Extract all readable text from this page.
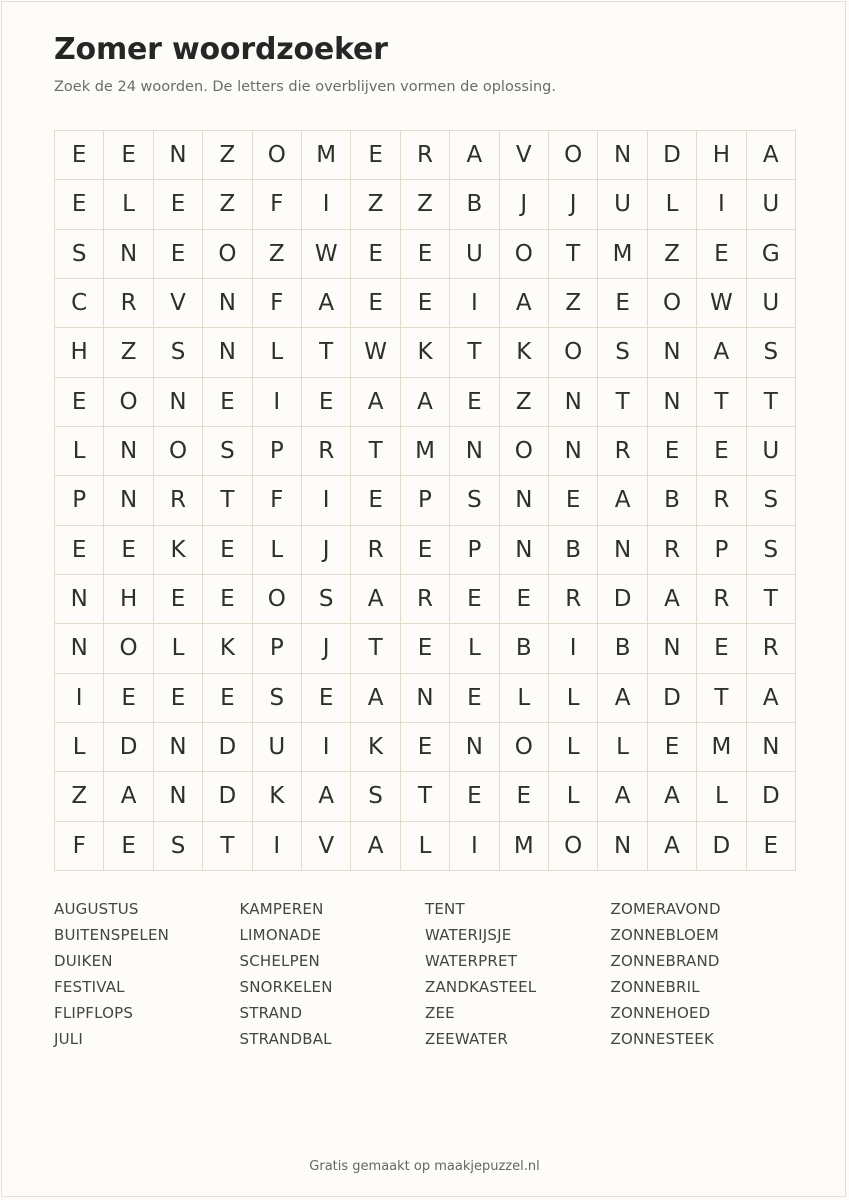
Zomer woordzoeker

Zoek de 24 woorden. De letters die overblijven vormen de oplossing.

E	E	N	Z	O	M	E	R	A	V	O	N	D	H	A
E	L	E	Z	F	I	Z	Z	B	J	J	U	L	I	U
S	N	E	O	Z	W	E	E	U	O	T	M	Z	E	G
C	R	V	N	F	A	E	E	I	A	Z	E	O	W	U
H	Z	S	N	L	T	W	K	T	K	O	S	N	A	S
E	O	N	E	I	E	A	A	E	Z	N	T	N	T	T
L	N	O	S	P	R	T	M	N	O	N	R	E	E	U
P	N	R	T	F	I	E	P	S	N	E	A	B	R	S
E	E	K	E	L	J	R	E	P	N	B	N	R	P	S
N	H	E	E	O	S	A	R	E	E	R	D	A	R	T
N	O	L	K	P	J	T	E	L	B	I	B	N	E	R
I	E	E	E	S	E	A	N	E	L	L	A	D	T	A
L	D	N	D	U	I	K	E	N	O	L	L	E	M	N
Z	A	N	D	K	A	S	T	E	E	L	A	A	L	D
F	E	S	T	I	V	A	L	I	M	O	N	A	D	E
AUGUSTUS
BUITENSPELEN
DUIKEN
FESTIVAL
FLIPFLOPS
JULI
KAMPEREN
LIMONADE
SCHELPEN
SNORKELEN
STRAND
STRANDBAL
TENT
WATERIJSJE
WATERPRET
ZANDKASTEEL
ZEE
ZEEWATER
ZOMERAVOND
ZONNEBLOEM
ZONNEBRAND
ZONNEBRIL
ZONNEHOED
ZONNESTEEK
Gratis gemaakt op maakjepuzzel.nl
